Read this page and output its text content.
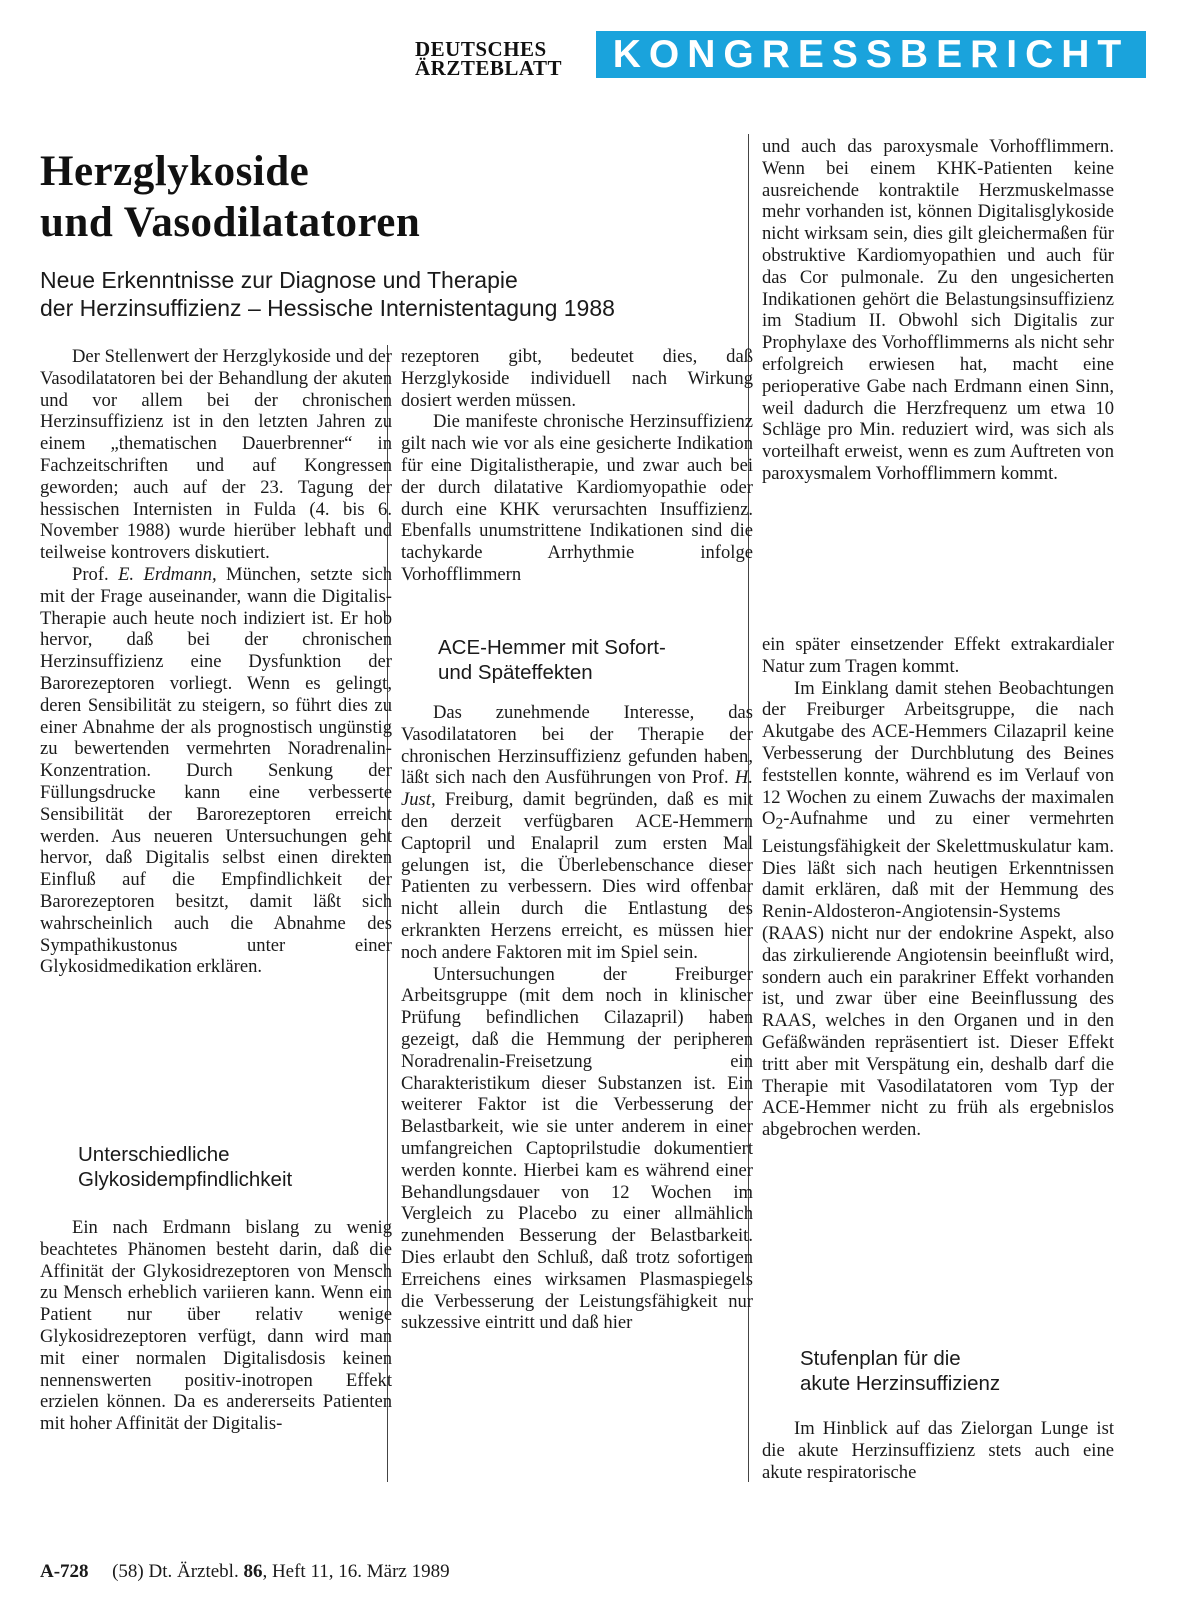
DEUTSCHES
ÄRZTEBLATT	KONGRESSBERICHT
Herzglykoside
und Vasodilatatoren
Neue Erkenntnisse zur Diagnose und Therapie
der Herzinsuffizienz – Hessische Internistentagung 1988

Der Stellenwert der Herzglykoside und der Vasodilatatoren bei der Behandlung der akuten und vor allem bei der chronischen Herzinsuffizienz ist in den letzten Jahren zu einem „thematischen Dauerbrenner“ in Fachzeitschriften und auf Kongressen geworden; auch auf der 23. Tagung der hessischen Internisten in Fulda (4. bis 6. November 1988) wurde hierüber lebhaft und teilweise kontrovers diskutiert.

Prof. E. Erdmann, München, setzte sich mit der Frage auseinander, wann die Digitalis-Therapie auch heute noch indiziert ist. Er hob hervor, daß bei der chronischen Herzinsuffizienz eine Dysfunktion der Barorezeptoren vorliegt. Wenn es gelingt, deren Sensibilität zu steigern, so führt dies zu einer Abnahme der als prognostisch ungünstig zu bewertenden vermehrten Noradrenalin-Konzentration. Durch Senkung der Füllungsdrucke kann eine verbesserte Sensibilität der Barorezeptoren erreicht werden. Aus neueren Untersuchungen geht hervor, daß Digitalis selbst einen direkten Einfluß auf die Empfindlichkeit der Barorezeptoren besitzt, damit läßt sich wahrscheinlich auch die Abnahme des Sympathikustonus unter einer Glykosidmedikation erklären.

Unterschiedliche
Glykosidempfindlichkeit

Ein nach Erdmann bislang zu wenig beachtetes Phänomen besteht darin, daß die Affinität der Glykosidrezeptoren von Mensch zu Mensch erheblich variieren kann. Wenn ein Patient nur über relativ wenige Glykosidrezeptoren verfügt, dann wird man mit einer normalen Digitalisdosis keinen nennenswerten positiv-inotropen Effekt erzielen können. Da es andererseits Patienten mit hoher Affinität der Digitalis-

rezeptoren gibt, bedeutet dies, daß Herzglykoside individuell nach Wirkung dosiert werden müssen.

Die manifeste chronische Herzinsuffizienz gilt nach wie vor als eine gesicherte Indikation für eine Digitalistherapie, und zwar auch bei der durch dilatative Kardiomyopathie oder durch eine KHK verursachten Insuffizienz. Ebenfalls unumstrittene Indikationen sind die tachykarde Arrhythmie infolge Vorhofflimmern

ACE-Hemmer mit Sofort-
und Späteffekten

Das zunehmende Interesse, das Vasodilatatoren bei der Therapie der chronischen Herzinsuffizienz gefunden haben, läßt sich nach den Ausführungen von Prof. H. Just, Freiburg, damit begründen, daß es mit den derzeit verfügbaren ACE-Hemmern Captopril und Enalapril zum ersten Mal gelungen ist, die Überlebenschance dieser Patienten zu verbessern. Dies wird offenbar nicht allein durch die Entlastung des erkrankten Herzens erreicht, es müssen hier noch andere Faktoren mit im Spiel sein.

Untersuchungen der Freiburger Arbeitsgruppe (mit dem noch in klinischer Prüfung befindlichen Cilazapril) haben gezeigt, daß die Hemmung der peripheren Noradrenalin-Freisetzung ein Charakteristikum dieser Substanzen ist. Ein weiterer Faktor ist die Verbesserung der Belastbarkeit, wie sie unter anderem in einer umfangreichen Captoprilstudie dokumentiert werden konnte. Hierbei kam es während einer Behandlungsdauer von 12 Wochen im Vergleich zu Placebo zu einer allmählich zunehmenden Besserung der Belastbarkeit. Dies erlaubt den Schluß, daß trotz sofortigen Erreichens eines wirksamen Plasmaspiegels die Verbesserung der Leistungsfähigkeit nur sukzessive eintritt und daß hier

und auch das paroxysmale Vorhofflimmern. Wenn bei einem KHK-Patienten keine ausreichende kontraktile Herzmuskelmasse mehr vorhanden ist, können Digitalisglykoside nicht wirksam sein, dies gilt gleichermaßen für obstruktive Kardiomyopathien und auch für das Cor pulmonale. Zu den ungesicherten Indikationen gehört die Belastungsinsuffizienz im Stadium II. Obwohl sich Digitalis zur Prophylaxe des Vorhofflimmerns als nicht sehr erfolgreich erwiesen hat, macht eine perioperative Gabe nach Erdmann einen Sinn, weil dadurch die Herzfrequenz um etwa 10 Schläge pro Min. reduziert wird, was sich als vorteilhaft erweist, wenn es zum Auftreten von paroxysmalem Vorhofflimmern kommt.

ein später einsetzender Effekt extrakardialer Natur zum Tragen kommt.

Im Einklang damit stehen Beobachtungen der Freiburger Arbeitsgruppe, die nach Akutgabe des ACE-Hemmers Cilazapril keine Verbesserung der Durchblutung des Beines feststellen konnte, während es im Verlauf von 12 Wochen zu einem Zuwachs der maximalen $O_2$-Aufnahme und zu einer vermehrten Leistungsfähigkeit der Skelettmuskulatur kam. Dies läßt sich nach heutigen Erkenntnissen damit erklären, daß mit der Hemmung des Renin-Aldosteron-Angiotensin-Systems (RAAS) nicht nur der endokrine Aspekt, also das zirkulierende Angiotensin beeinflußt wird, sondern auch ein parakriner Effekt vorhanden ist, und zwar über eine Beeinflussung des RAAS, welches in den Organen und in den Gefäßwänden repräsentiert ist. Dieser Effekt tritt aber mit Verspätung ein, deshalb darf die Therapie mit Vasodilatatoren vom Typ der ACE-Hemmer nicht zu früh als ergebnislos abgebrochen werden.

Stufenplan für die
akute Herzinsuffizienz

Im Hinblick auf das Zielorgan Lunge ist die akute Herzinsuffizienz stets auch eine akute respiratorische

A-728 (58) Dt. Ärztebl. 86, Heft 11, 16. März 1989
